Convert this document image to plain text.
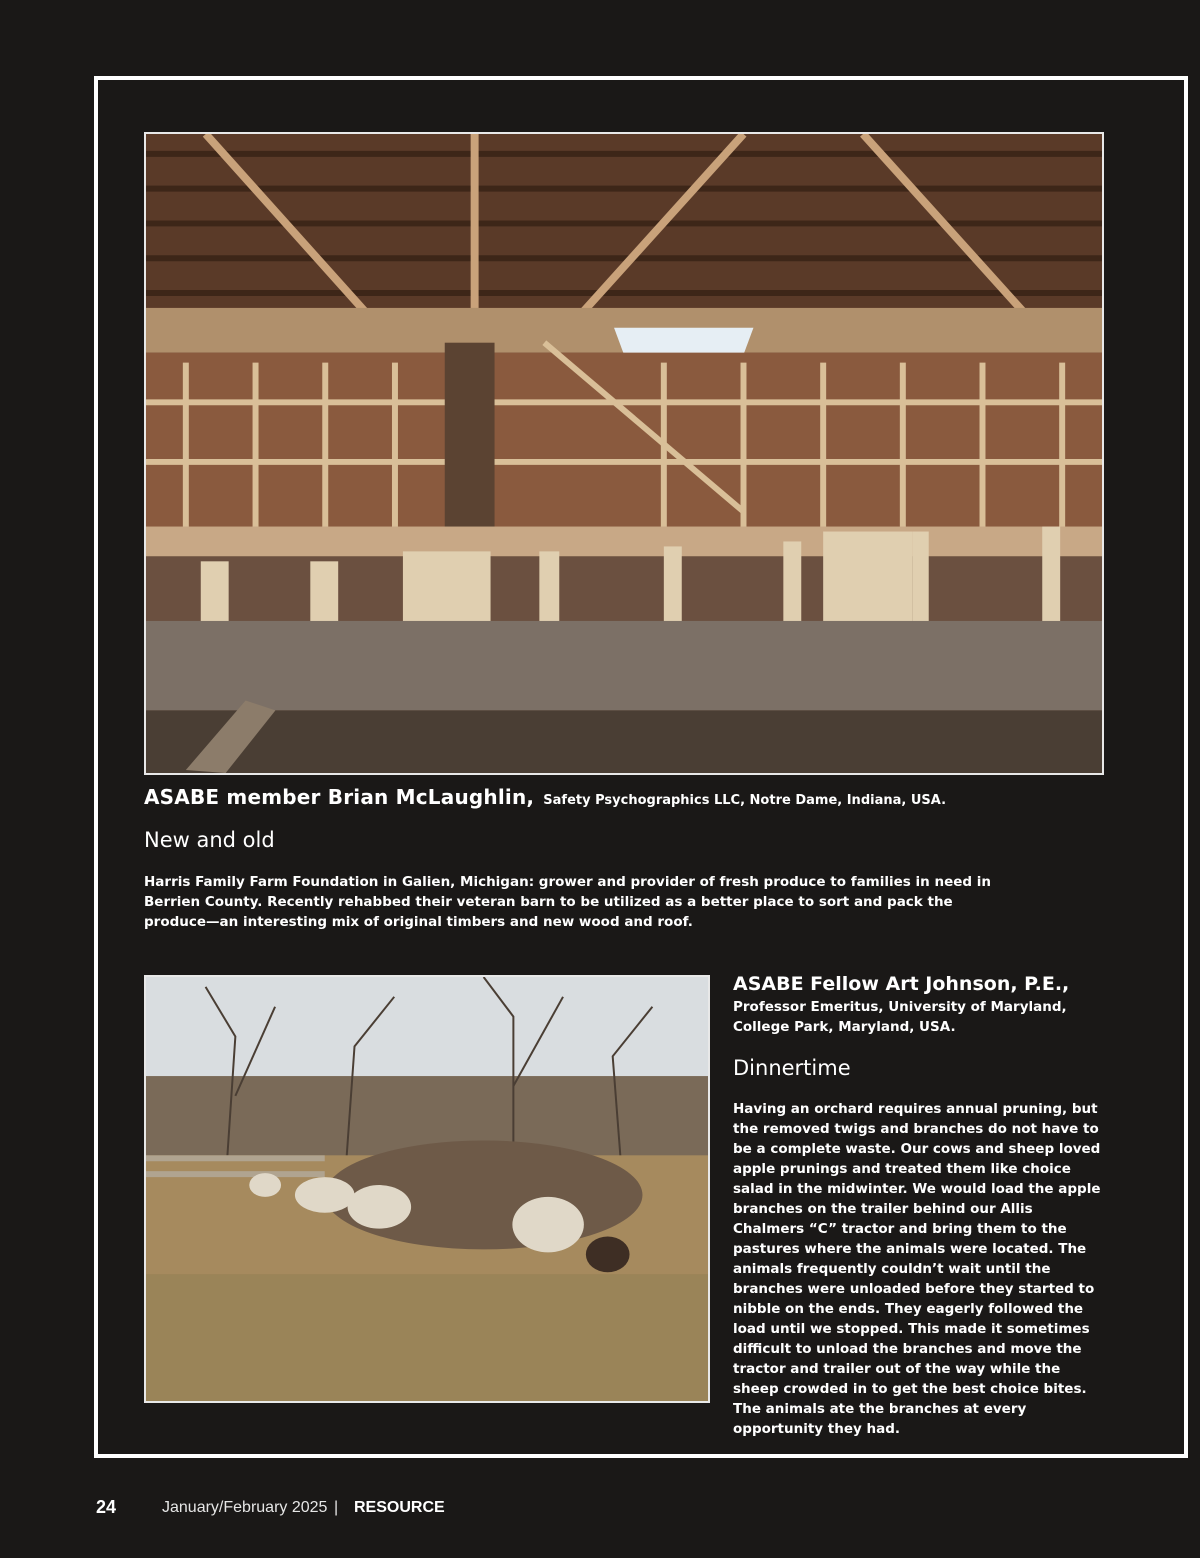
ASABE member Brian McLaughlin, Safety Psychographics LLC, Notre Dame, Indiana, USA.
New and old

Harris Family Farm Foundation in Galien, Michigan: grower and provider of fresh produce to families in need in Berrien County. Recently rehabbed their veteran barn to be utilized as a better place to sort and pack the produce—an interesting mix of original timbers and new wood and roof.

ASABE Fellow Art Johnson, P.E.,
Professor Emeritus, University of Maryland, College Park, Maryland, USA.
Dinnertime

Having an orchard requires annual pruning, but the removed twigs and branches do not have to be a complete waste. Our cows and sheep loved apple prunings and treated them like choice salad in the midwinter. We would load the apple branches on the trailer behind our Allis Chalmers “C” tractor and bring them to the pastures where the animals were located. The animals frequently couldn’t wait until the branches were unloaded before they started to nibble on the ends. They eagerly followed the load until we stopped. This made it sometimes difficult to unload the branches and move the tractor and trailer out of the way while the sheep crowded in to get the best choice bites. The animals ate the branches at every opportunity they had.

24	January/February 2025 | RESOURCE
